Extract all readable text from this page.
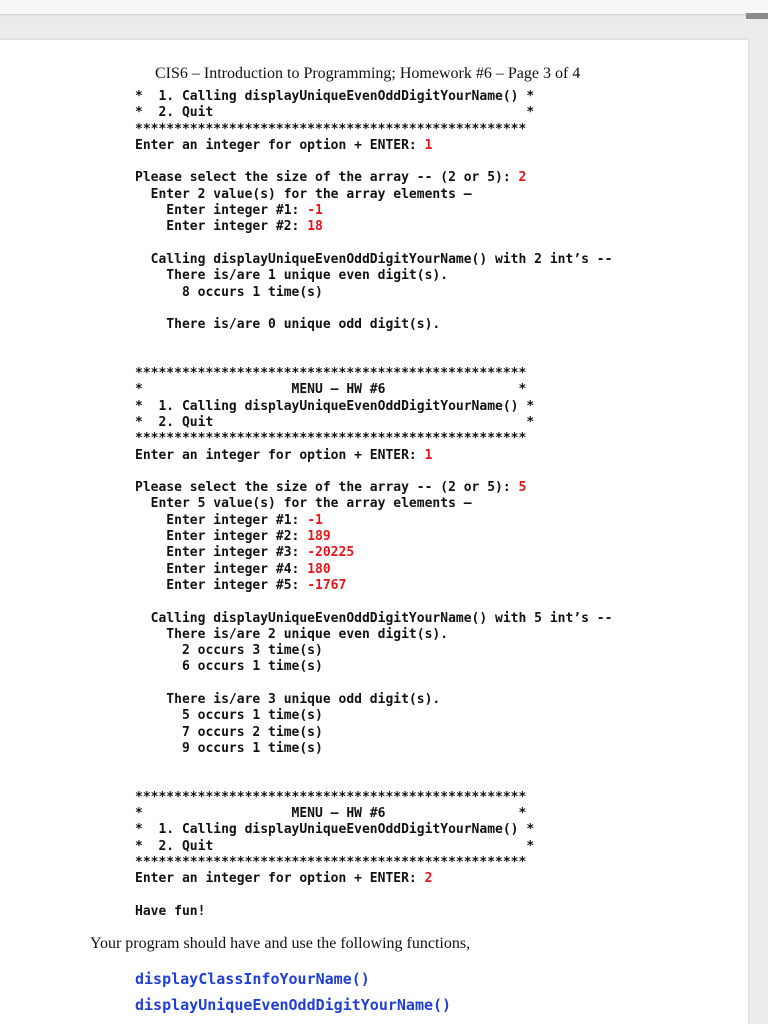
CIS6 – Introduction to Programming; Homework #6 – Page 3 of 4
*  1. Calling displayUniqueEvenOddDigitYourName() *
*  2. Quit                                        *
**************************************************
Enter an integer for option + ENTER: 1
Please select the size of the array -- (2 or 5): 2
Enter 2 value(s) for the array elements –
Enter integer #1: -1
Enter integer #2: 18
Calling displayUniqueEvenOddDigitYourName() with 2 int’s --
There is/are 1 unique even digit(s).
8 occurs 1 time(s)
There is/are 0 unique odd digit(s).
**************************************************
*                   MENU – HW #6                 *
*  1. Calling displayUniqueEvenOddDigitYourName() *
*  2. Quit                                        *
**************************************************
Enter an integer for option + ENTER: 1
Please select the size of the array -- (2 or 5): 5
Enter 5 value(s) for the array elements –
Enter integer #1: -1
Enter integer #2: 189
Enter integer #3: -20225
Enter integer #4: 180
Enter integer #5: -1767
Calling displayUniqueEvenOddDigitYourName() with 5 int’s --
There is/are 2 unique even digit(s).
2 occurs 3 time(s)
6 occurs 1 time(s)
There is/are 3 unique odd digit(s).
5 occurs 1 time(s)
7 occurs 2 time(s)
9 occurs 1 time(s)
**************************************************
*                   MENU – HW #6                 *
*  1. Calling displayUniqueEvenOddDigitYourName() *
*  2. Quit                                        *
**************************************************
Enter an integer for option + ENTER: 2
Have fun!
Your program should have and use the following functions,
displayClassInfoYourName()
displayUniqueEvenOddDigitYourName()
